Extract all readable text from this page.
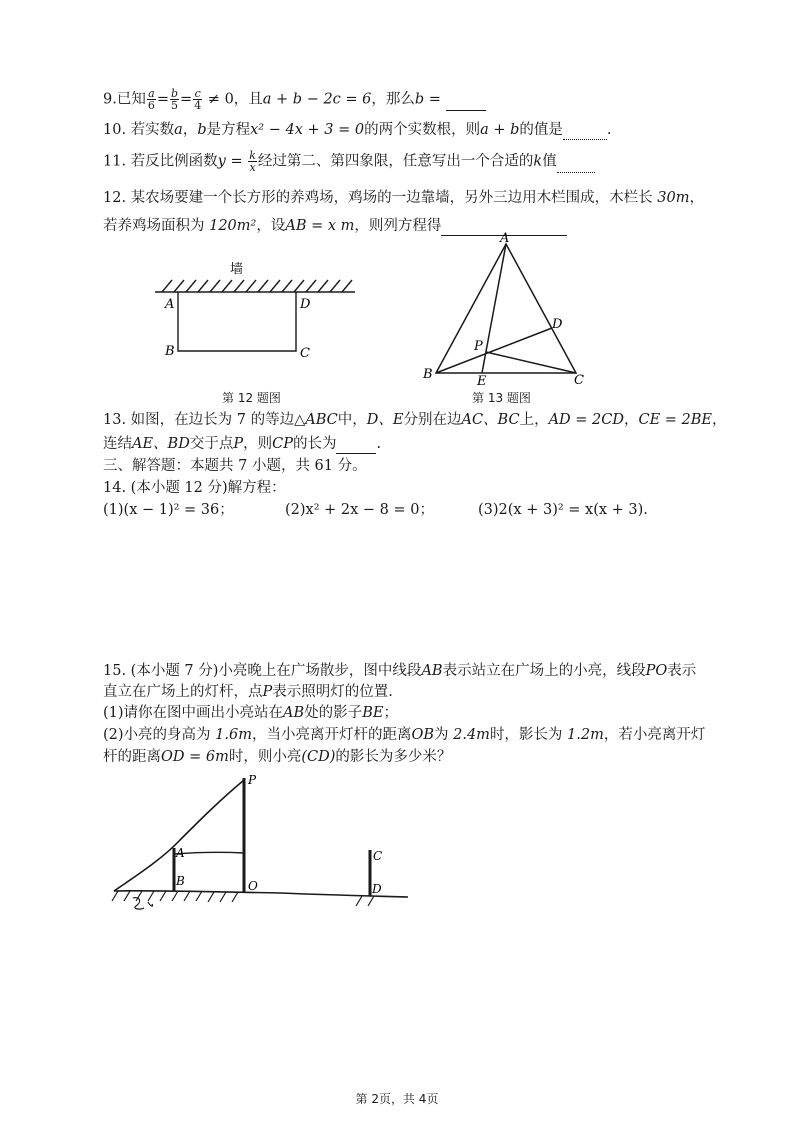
9.已知 $\frac{a}{6} = \frac{b}{5} = \frac{c}{4} \ne 0$，且a + b − 2c = 6，那么b =
10. 若实数a，b是方程x² − 4x + 3 = 0的两个实数根，则a + b的值是	.
11. 若反比例函数$y = \frac{k}{x}$ 经过第二、第四象限，任意写出一个合适的k值
12. 某农场要建一个长方形的养鸡场，鸡场的一边靠墙，另外三边用木栏围成，木栏长 30m，
若养鸡场面积为 120m²，设AB = x m，则列方程得
墙
A
B	C
D
第 12 题图
A
B	C
D
E
P
第 13 题图
13. 如图，在边长为 7 的等边△ABC中，D、E分别在边AC、BC上，AD = 2CD，CE = 2BE，
连结AE、BD交于点P，则CP的长为	.
三、解答题：本题共 7 小题，共 61 分。
14. (本小题 12 分)解方程：
(1)(x − 1)² = 36；	(2)x² + 2x − 8 = 0；	(3)2(x + 3)² = x(x + 3).
15. (本小题 7 分)小亮晚上在广场散步，图中线段AB表示站立在广场上的小亮，线段PO表示
直立在广场上的灯杆，点P表示照明灯的位置.
(1)请你在图中画出小亮站在AB处的影子BE；
(2)小亮的身高为 1.6m，当小亮离开灯杆的距离OB为 2.4m时，影长为 1.2m，若小亮离开灯
杆的距离OD = 6m时，则小亮(CD)的影长为多少米？
P
A
B	O
C
D
2.4
第 2页，共 4页
